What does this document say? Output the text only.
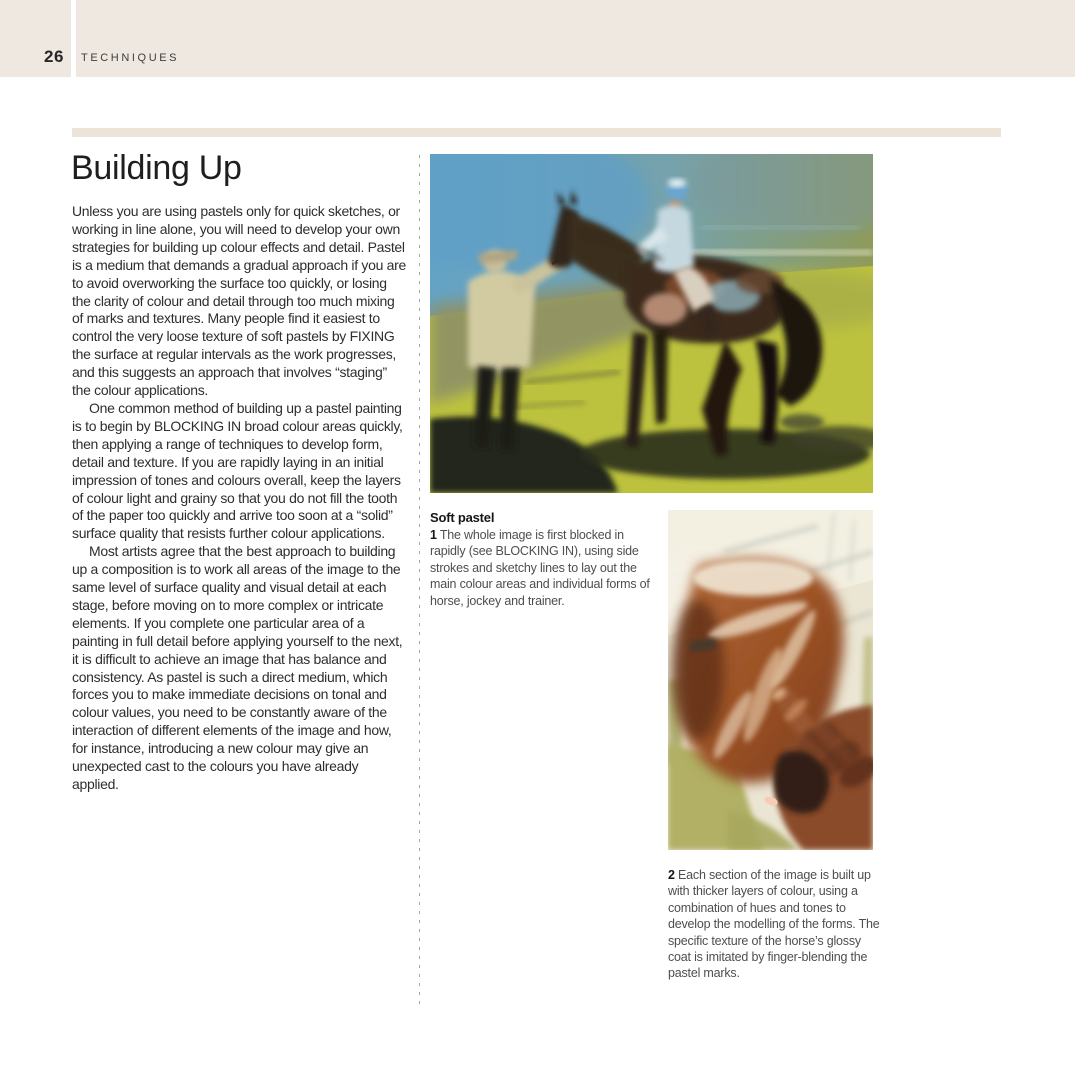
26 TECHNIQUES
Building Up

Unless you are using pastels only for quick sketches, or working in line alone, you will need to develop your own strategies for building up colour effects and detail. Pastel is a medium that demands a gradual approach if you are to avoid overworking the surface too quickly, or losing the clarity of colour and detail through too much mixing of marks and textures. Many people find it easiest to control the very loose texture of soft pastels by FIXING the surface at regular intervals as the work progresses, and this suggests an approach that involves “staging” the colour applications.

One common method of building up a pastel painting is to begin by BLOCKING IN broad colour areas quickly, then applying a range of techniques to develop form, detail and texture. If you are rapidly laying in an initial impression of tones and colours overall, keep the layers of colour light and grainy so that you do not fill the tooth of the paper too quickly and arrive too soon at a “solid” surface quality that resists further colour applications.

Most artists agree that the best approach to building up a composition is to work all areas of the image to the same level of surface quality and visual detail at each stage, before moving on to more complex or intricate elements. If you complete one particular area of a painting in full detail before applying yourself to the next, it is difficult to achieve an image that has balance and consistency. As pastel is such a direct medium, which forces you to make immediate decisions on tonal and colour values, you need to be constantly aware of the interaction of different elements of the image and how, for instance, introducing a new colour may give an unexpected cast to the colours you have already applied.

Soft pastel

1 The whole image is first blocked in rapidly (see BLOCKING IN), using side strokes and sketchy lines to lay out the main colour areas and individual forms of horse, jockey and trainer.

2 Each section of the image is built up with thicker layers of colour, using a combination of hues and tones to develop the modelling of the forms. The specific texture of the horse’s glossy coat is imitated by finger-blending the pastel marks.
